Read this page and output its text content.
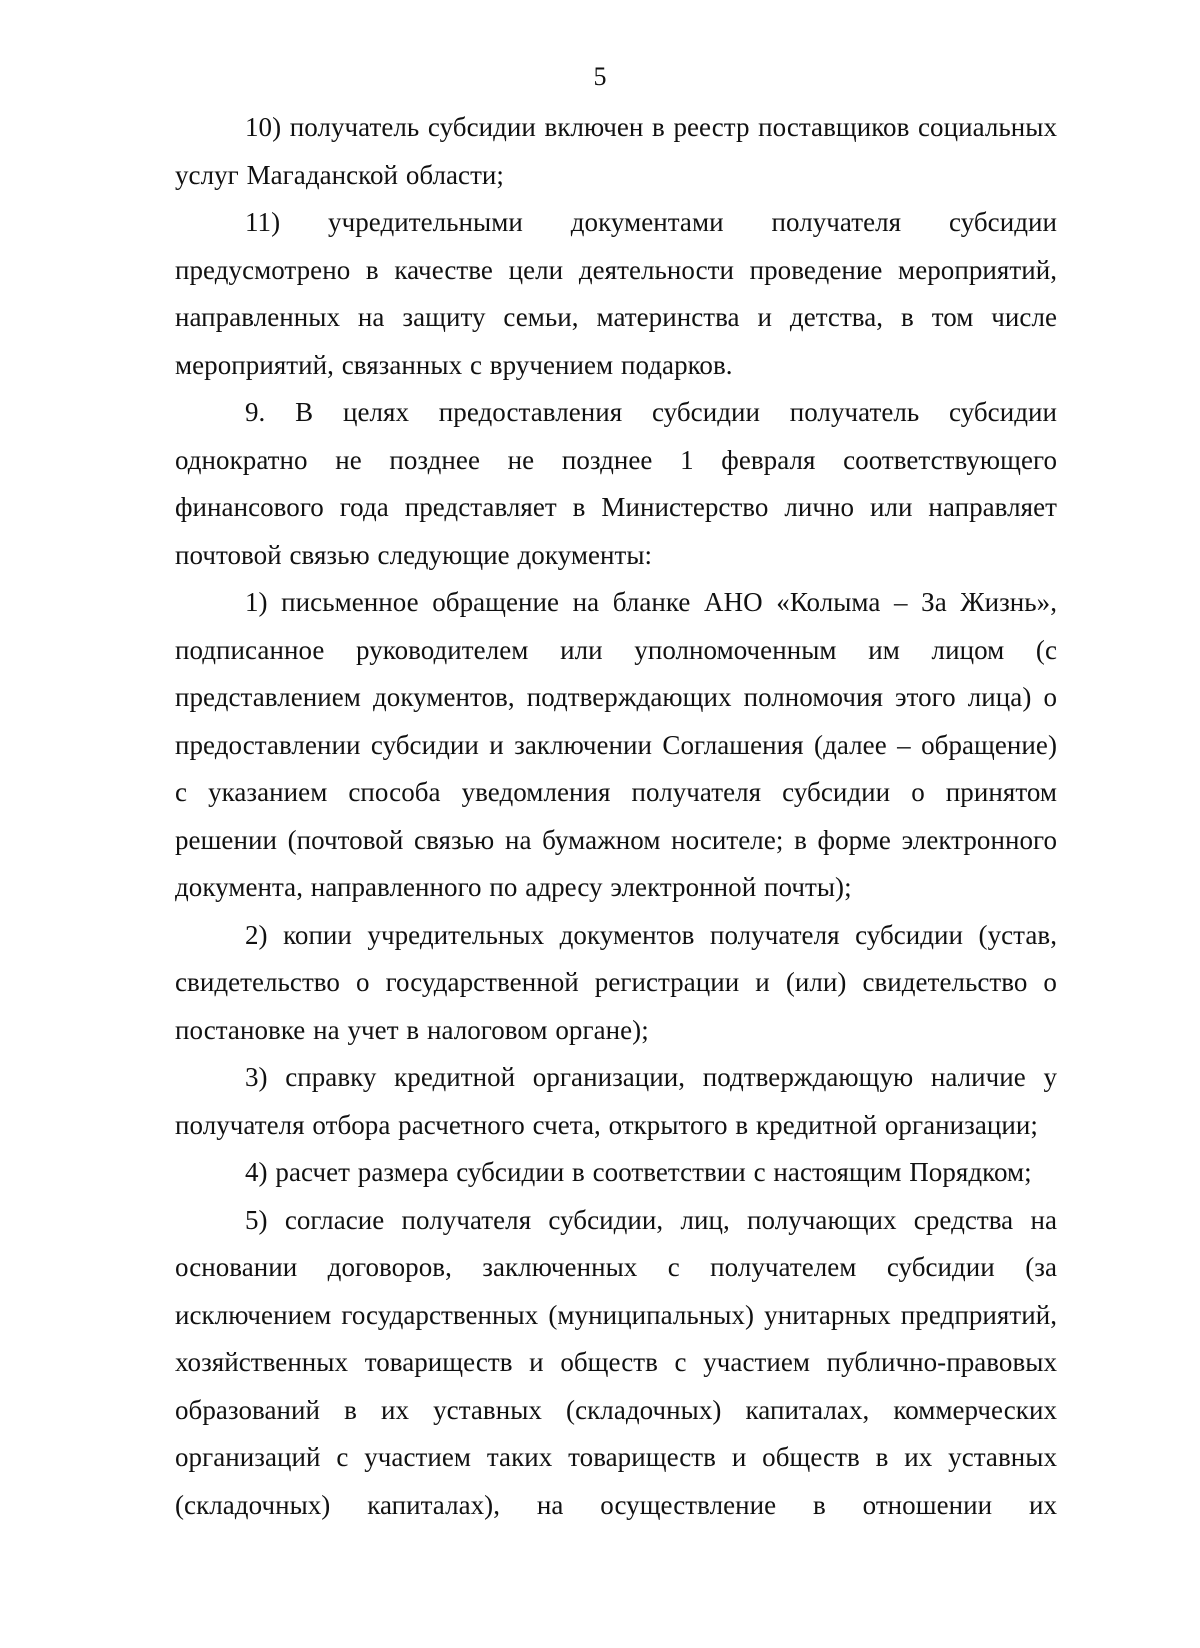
5

10) получатель субсидии включен в реестр поставщиков социальных услуг Магаданской области;

11) учредительными документами получателя субсидии предусмотрено в качестве цели деятельности проведение мероприятий, направленных на защиту семьи, материнства и детства, в том числе мероприятий, связанных с вручением подарков.

9. В целях предоставления субсидии получатель субсидии однократно не позднее не позднее 1 февраля соответствующего финансового года представляет в Министерство лично или направляет почтовой связью следующие документы:

1) письменное обращение на бланке АНО «Колыма – За Жизнь», подписанное руководителем или уполномоченным им лицом (с представлением документов, подтверждающих полномочия этого лица) о предоставлении субсидии и заключении Соглашения (далее – обращение) с указанием способа уведомления получателя субсидии о принятом решении (почтовой связью на бумажном носителе; в форме электронного документа, направленного по адресу электронной почты);

2) копии учредительных документов получателя субсидии (устав, свидетельство о государственной регистрации и (или) свидетельство о постановке на учет в налоговом органе);

3) справку кредитной организации, подтверждающую наличие у получателя отбора расчетного счета, открытого в кредитной организации;

4) расчет размера субсидии в соответствии с настоящим Порядком;

5) согласие получателя субсидии, лиц, получающих средства на основании договоров, заключенных с получателем субсидии (за исключением государственных (муниципальных) унитарных предприятий, хозяйственных товариществ и обществ с участием публично-правовых образований в их уставных (складочных) капиталах, коммерческих организаций с участием таких товариществ и обществ в их уставных (складочных) капиталах), на осуществление в отношении их
